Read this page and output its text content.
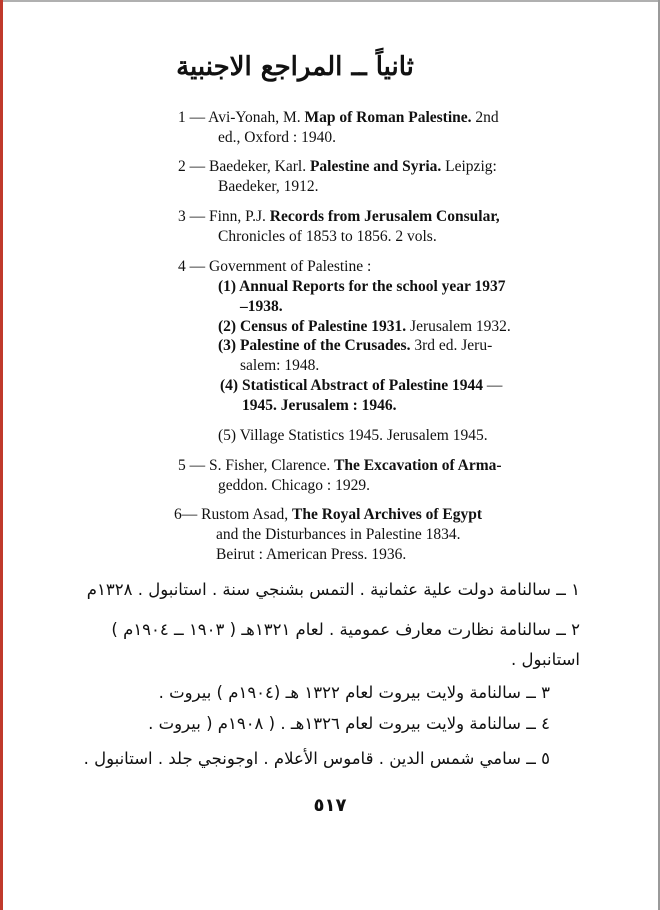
ثانياً ــ المراجع الاجنبية
1 — Avi-Yonah, M. Map of Roman Palestine. 2nd
ed., Oxford : 1940.
2 — Baedeker, Karl. Palestine and Syria. Leipzig:
Baedeker, 1912.
3 — Finn, P.J. Records from Jerusalem Consular,
Chronicles of 1853 to 1856. 2 vols.
4 — Government of Palestine :
(1) Annual Reports for the school year 1937
–1938.
(2) Census of Palestine 1931. Jerusalem 1932.
(3) Palestine of the Crusades. 3rd ed. Jeru-
salem: 1948.
(4) Statistical Abstract of Palestine 1944 —
1945. Jerusalem : 1946.
(5) Village Statistics 1945. Jerusalem 1945.
5 — S. Fisher, Clarence. The Excavation of Arma-
geddon. Chicago : 1929.
6— Rustom Asad, The Royal Archives of Egypt
and the Disturbances in Palestine 1834.
Beirut : American Press. 1936.
١ ــ سالنامة دولت علية عثمانية . التمس بشنجي سنة . استانبول . ١٣٢٨م
٢ ــ سالنامة نظارت معارف عمومية . لعام ١٣٢١هـ ( ١٩٠٣ ــ ١٩٠٤م )
استانبول .
٣ ــ سالنامة ولايت بيروت لعام ١٣٢٢ هـ (١٩٠٤م ) بيروت .
٤ ــ سالنامة ولايت بيروت لعام ١٣٢٦هـ . ( ١٩٠٨م ( بيروت .
٥ ــ سامي شمس الدين . قاموس الأعلام . اوجونجي جلد . استانبول .
٥١٧
